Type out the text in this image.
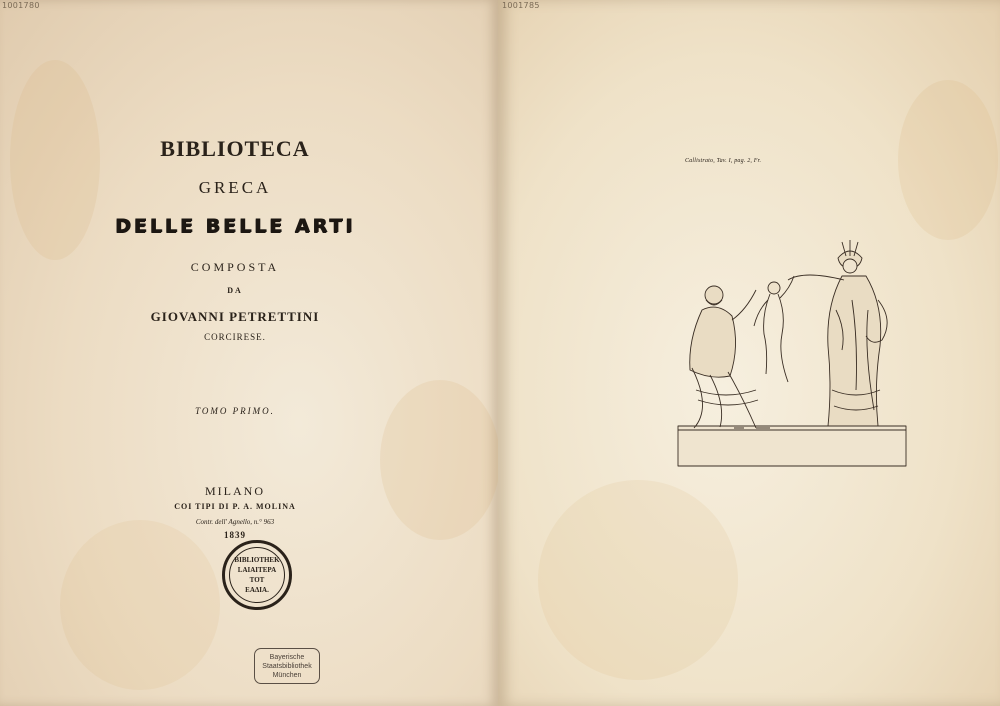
1001780
BIBLIOTECA
GRECA
DELLE BELLE ARTI
COMPOSTA
DA
GIOVANNI PETRETTINI
CORCIRESE.
TOMO PRIMO.
MILANO
COI TIPI DI P. A. MOLINA
Contr. dell' Agnello, n.° 963
1839
BIBLIOTHEK
LAIAITEPA
TOT
EAΔIA.
Bayerische
Staatsbibliothek
München
1001785
Callistrato, Tav. I, pag. 2, Fr.
